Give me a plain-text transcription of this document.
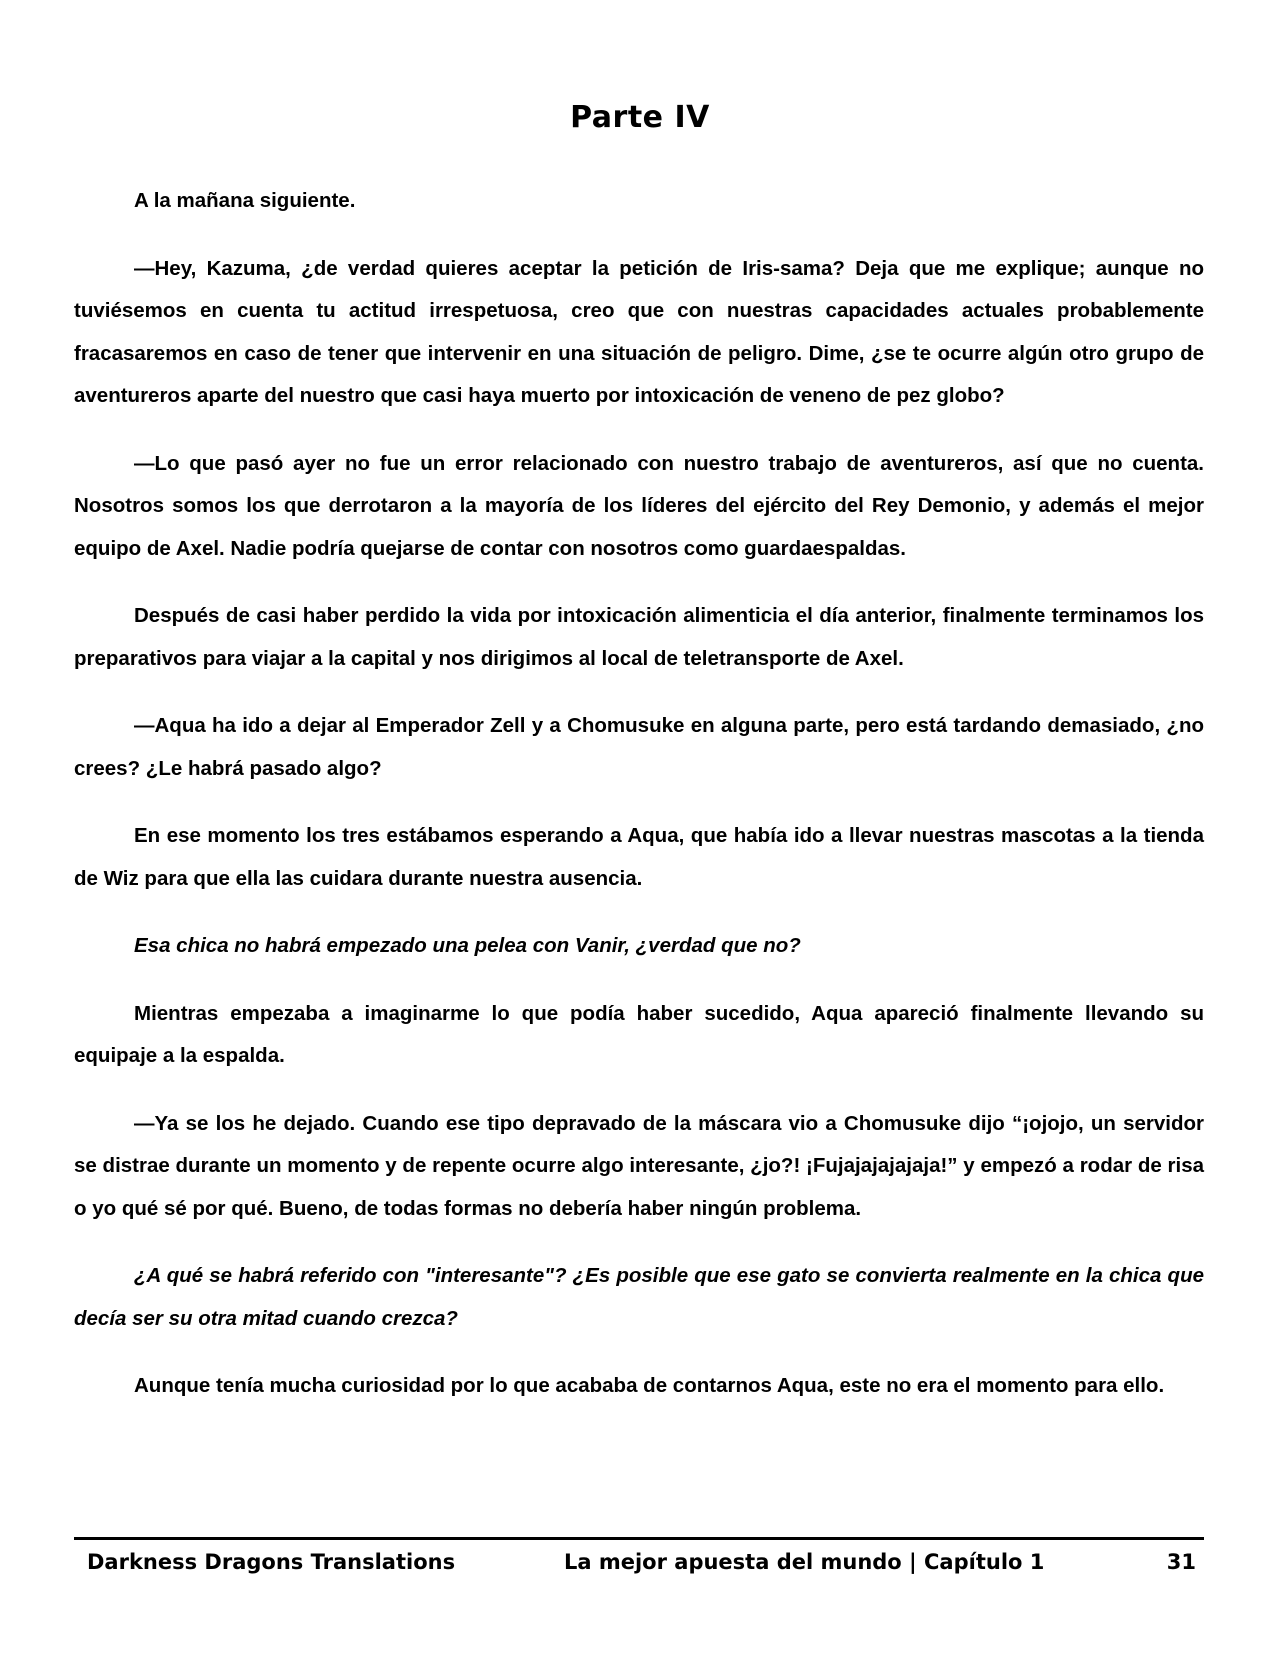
Parte IV

A la mañana siguiente.

—Hey, Kazuma, ¿de verdad quieres aceptar la petición de Iris-sama? Deja que me explique; aunque no tuviésemos en cuenta tu actitud irrespetuosa, creo que con nuestras capacidades actuales probablemente fracasaremos en caso de tener que intervenir en una situación de peligro. Dime, ¿se te ocurre algún otro grupo de aventureros aparte del nuestro que casi haya muerto por intoxicación de veneno de pez globo?

—Lo que pasó ayer no fue un error relacionado con nuestro trabajo de aventureros, así que no cuenta. Nosotros somos los que derrotaron a la mayoría de los líderes del ejército del Rey Demonio, y además el mejor equipo de Axel. Nadie podría quejarse de contar con nosotros como guardaespaldas.

Después de casi haber perdido la vida por intoxicación alimenticia el día anterior, finalmente terminamos los preparativos para viajar a la capital y nos dirigimos al local de teletransporte de Axel.

—Aqua ha ido a dejar al Emperador Zell y a Chomusuke en alguna parte, pero está tardando demasiado, ¿no crees? ¿Le habrá pasado algo?

En ese momento los tres estábamos esperando a Aqua, que había ido a llevar nuestras mascotas a la tienda de Wiz para que ella las cuidara durante nuestra ausencia.

Esa chica no habrá empezado una pelea con Vanir, ¿verdad que no?

Mientras empezaba a imaginarme lo que podía haber sucedido, Aqua apareció finalmente llevando su equipaje a la espalda.

—Ya se los he dejado. Cuando ese tipo depravado de la máscara vio a Chomusuke dijo “¡ojojo, un servidor se distrae durante un momento y de repente ocurre algo interesante, ¿jo?! ¡Fujajajajajaja!” y empezó a rodar de risa o yo qué sé por qué. Bueno, de todas formas no debería haber ningún problema.

¿A qué se habrá referido con "interesante"? ¿Es posible que ese gato se convierta realmente en la chica que decía ser su otra mitad cuando crezca?

Aunque tenía mucha curiosidad por lo que acababa de contarnos Aqua, este no era el momento para ello.

Darkness Dragons Translations	La mejor apuesta del mundo | Capítulo 1	31
